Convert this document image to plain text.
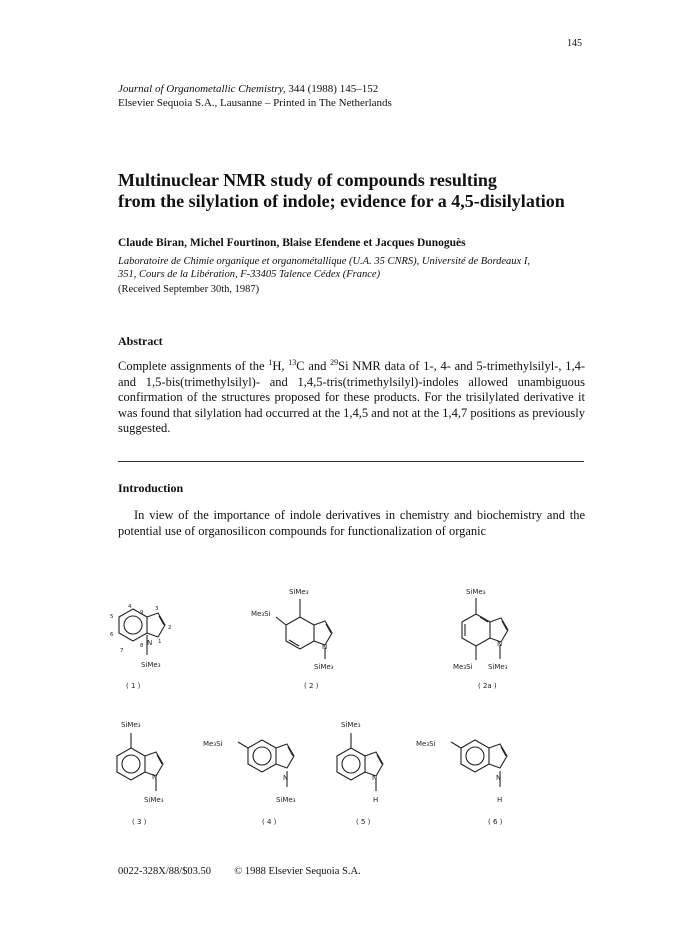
145
Journal of Organometallic Chemistry, 344 (1988) 145–152
Elsevier Sequoia S.A., Lausanne – Printed in The Netherlands
Multinuclear NMR study of compounds resulting
from the silylation of indole; evidence for a 4,5-disilylation
Claude Biran, Michel Fourtinon, Blaise Efendene et Jacques Dunoguès
Laboratoire de Chimie organique et organométallique (U.A. 35 CNRS), Université de Bordeaux I,
351, Cours de la Libération, F-33405 Talence Cédex (France)
(Received September 30th, 1987)
Abstract
Complete assignments of the $^1$H, $^{13}$C and $^{29}$Si NMR data of 1-, 4- and 5-trimethylsilyl-, 1,4- and 1,5-bis(trimethylsilyl)- and 1,4,5-tris(trimethylsilyl)-indoles allowed unambiguous confirmation of the structures proposed for these products. For the trisilylated derivative it was found that silylation had occurred at the 1,4,5 and not at the 1,4,7 positions as previously suggested.
Introduction
In view of the importance of indole derivatives in chemistry and biochemistry and the potential use of organosilicon compounds for functionalization of organic
4	3
5
2
6
7
8
1
9
N
SiMe₃
( 1 )
SiMe₃
Me₃Si
N
SiMe₃
( 2 )
SiMe₃
N
Me₃Si SiMe₃
( 2a )
SiMe₃
N
SiMe₃
( 3 )
Me₃Si
N
SiMe₃
( 4 )
SiMe₃
N
H
( 5 )
Me₃Si
N
H
( 6 )
0022-328X/88/$03.50 © 1988 Elsevier Sequoia S.A.
